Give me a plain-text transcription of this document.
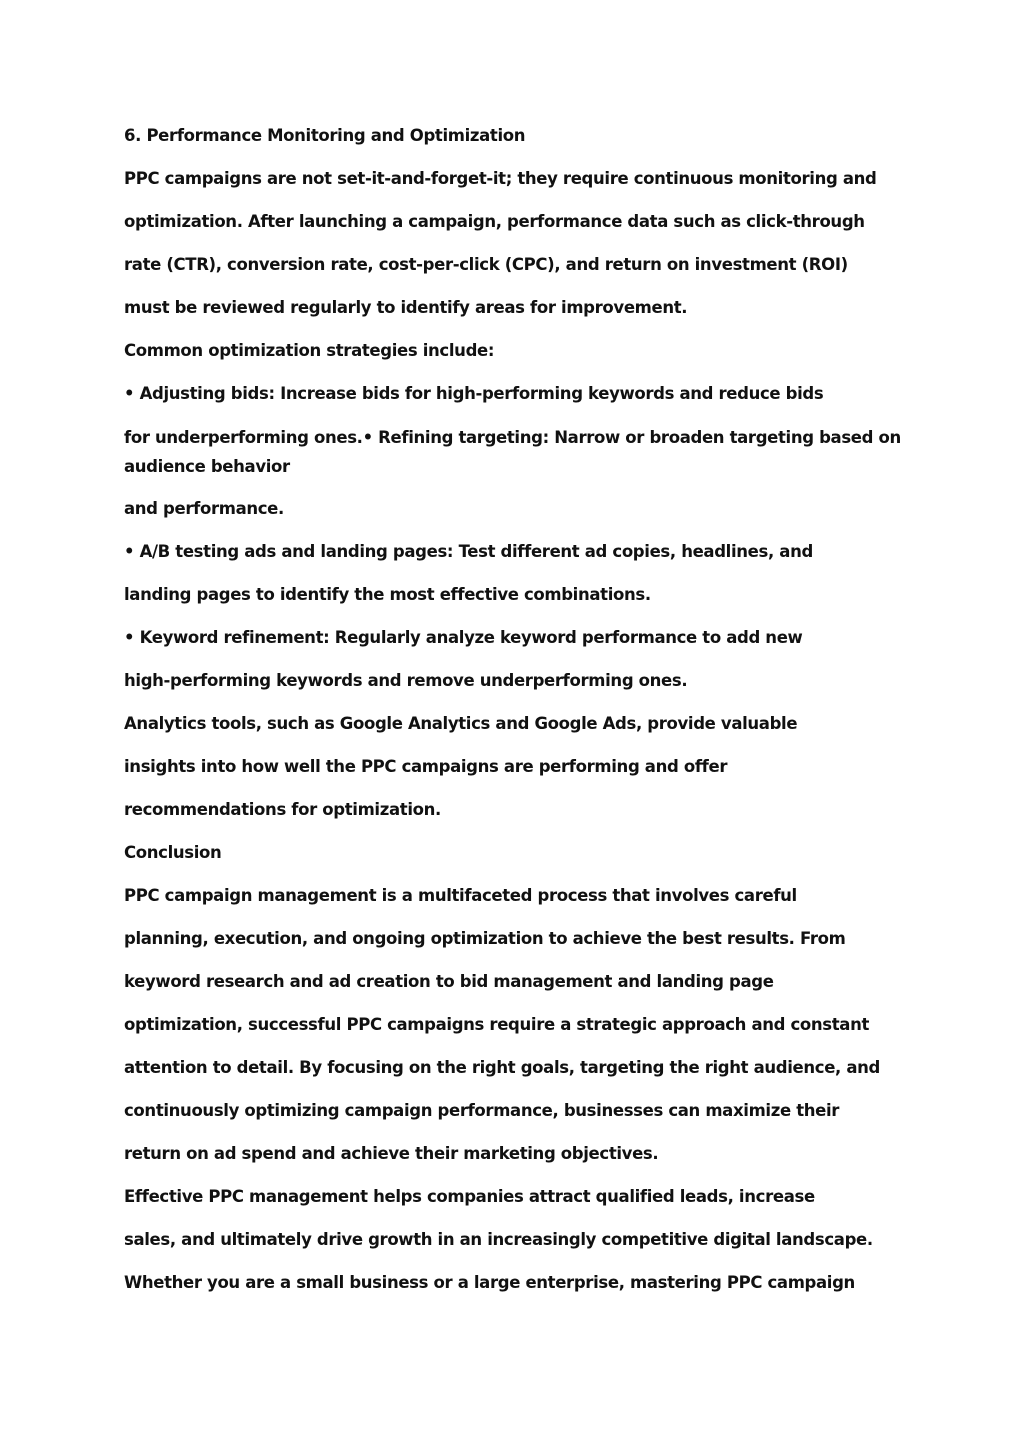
6. Performance Monitoring and Optimization
PPC campaigns are not set-it-and-forget-it; they require continuous monitoring and
optimization. After launching a campaign, performance data such as click-through
rate (CTR), conversion rate, cost-per-click (CPC), and return on investment (ROI)
must be reviewed regularly to identify areas for improvement.
Common optimization strategies include:
• Adjusting bids: Increase bids for high-performing keywords and reduce bids
for underperforming ones.• Refining targeting: Narrow or broaden targeting based on audience behavior
and performance.
• A/B testing ads and landing pages: Test different ad copies, headlines, and
landing pages to identify the most effective combinations.
• Keyword refinement: Regularly analyze keyword performance to add new
high-performing keywords and remove underperforming ones.
Analytics tools, such as Google Analytics and Google Ads, provide valuable
insights into how well the PPC campaigns are performing and offer
recommendations for optimization.
Conclusion
PPC campaign management is a multifaceted process that involves careful
planning, execution, and ongoing optimization to achieve the best results. From
keyword research and ad creation to bid management and landing page
optimization, successful PPC campaigns require a strategic approach and constant
attention to detail. By focusing on the right goals, targeting the right audience, and
continuously optimizing campaign performance, businesses can maximize their
return on ad spend and achieve their marketing objectives.
Effective PPC management helps companies attract qualified leads, increase
sales, and ultimately drive growth in an increasingly competitive digital landscape.
Whether you are a small business or a large enterprise, mastering PPC campaign
